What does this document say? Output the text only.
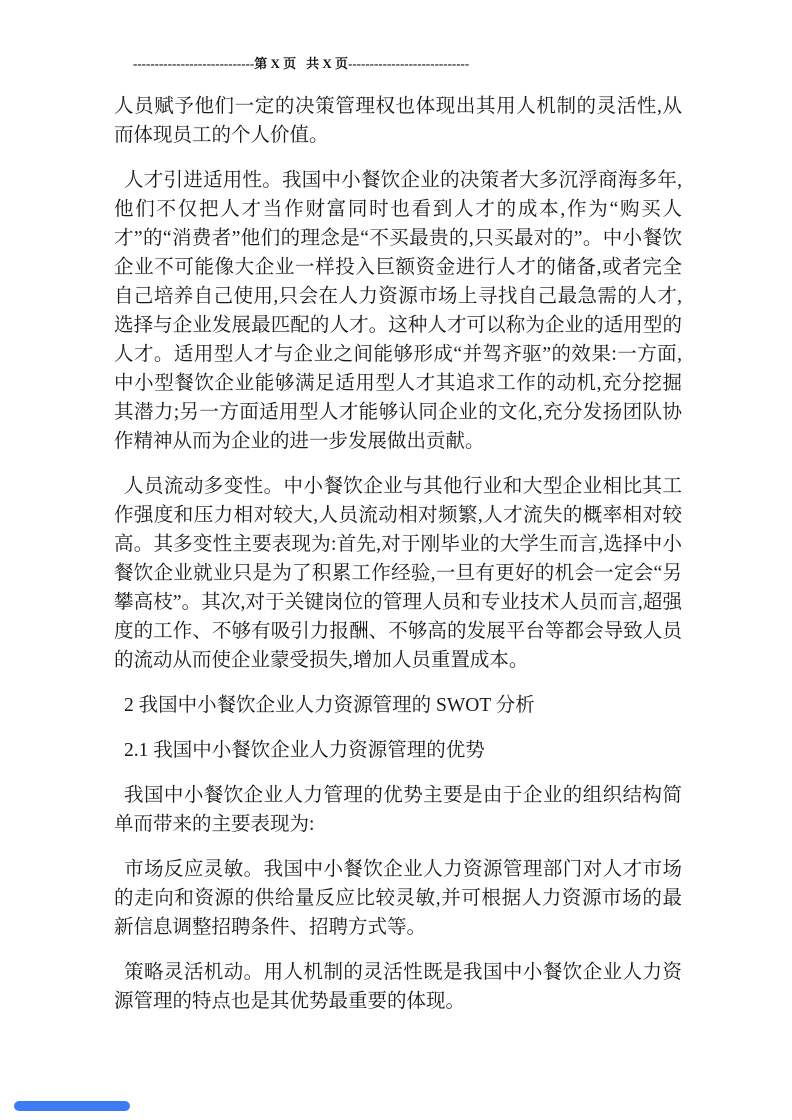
----------------------------第 X 页 共 X 页----------------------------

人员赋予他们一定的决策管理权也体现出其用人机制的灵活性,从而体现员工的个人价值。

人才引进适用性。我国中小餐饮企业的决策者大多沉浮商海多年,他们不仅把人才当作财富同时也看到人才的成本,作为“购买人才”的“消费者”他们的理念是“不买最贵的,只买最对的”。中小餐饮企业不可能像大企业一样投入巨额资金进行人才的储备,或者完全自己培养自己使用,只会在人力资源市场上寻找自己最急需的人才,选择与企业发展最匹配的人才。这种人才可以称为企业的适用型的人才。适用型人才与企业之间能够形成“并驾齐驱”的效果:一方面,中小型餐饮企业能够满足适用型人才其追求工作的动机,充分挖掘其潜力;另一方面适用型人才能够认同企业的文化,充分发扬团队协作精神从而为企业的进一步发展做出贡献。

人员流动多变性。中小餐饮企业与其他行业和大型企业相比其工作强度和压力相对较大,人员流动相对频繁,人才流失的概率相对较高。其多变性主要表现为:首先,对于刚毕业的大学生而言,选择中小餐饮企业就业只是为了积累工作经验,一旦有更好的机会一定会“另攀高枝”。其次,对于关键岗位的管理人员和专业技术人员而言,超强度的工作、不够有吸引力报酬、不够高的发展平台等都会导致人员的流动从而使企业蒙受损失,增加人员重置成本。

2 我国中小餐饮企业人力资源管理的 SWOT 分析

2.1 我国中小餐饮企业人力资源管理的优势

我国中小餐饮企业人力管理的优势主要是由于企业的组织结构简单而带来的主要表现为:

市场反应灵敏。我国中小餐饮企业人力资源管理部门对人才市场的走向和资源的供给量反应比较灵敏,并可根据人力资源市场的最新信息调整招聘条件、招聘方式等。

策略灵活机动。用人机制的灵活性既是我国中小餐饮企业人力资源管理的特点也是其优势最重要的体现。
